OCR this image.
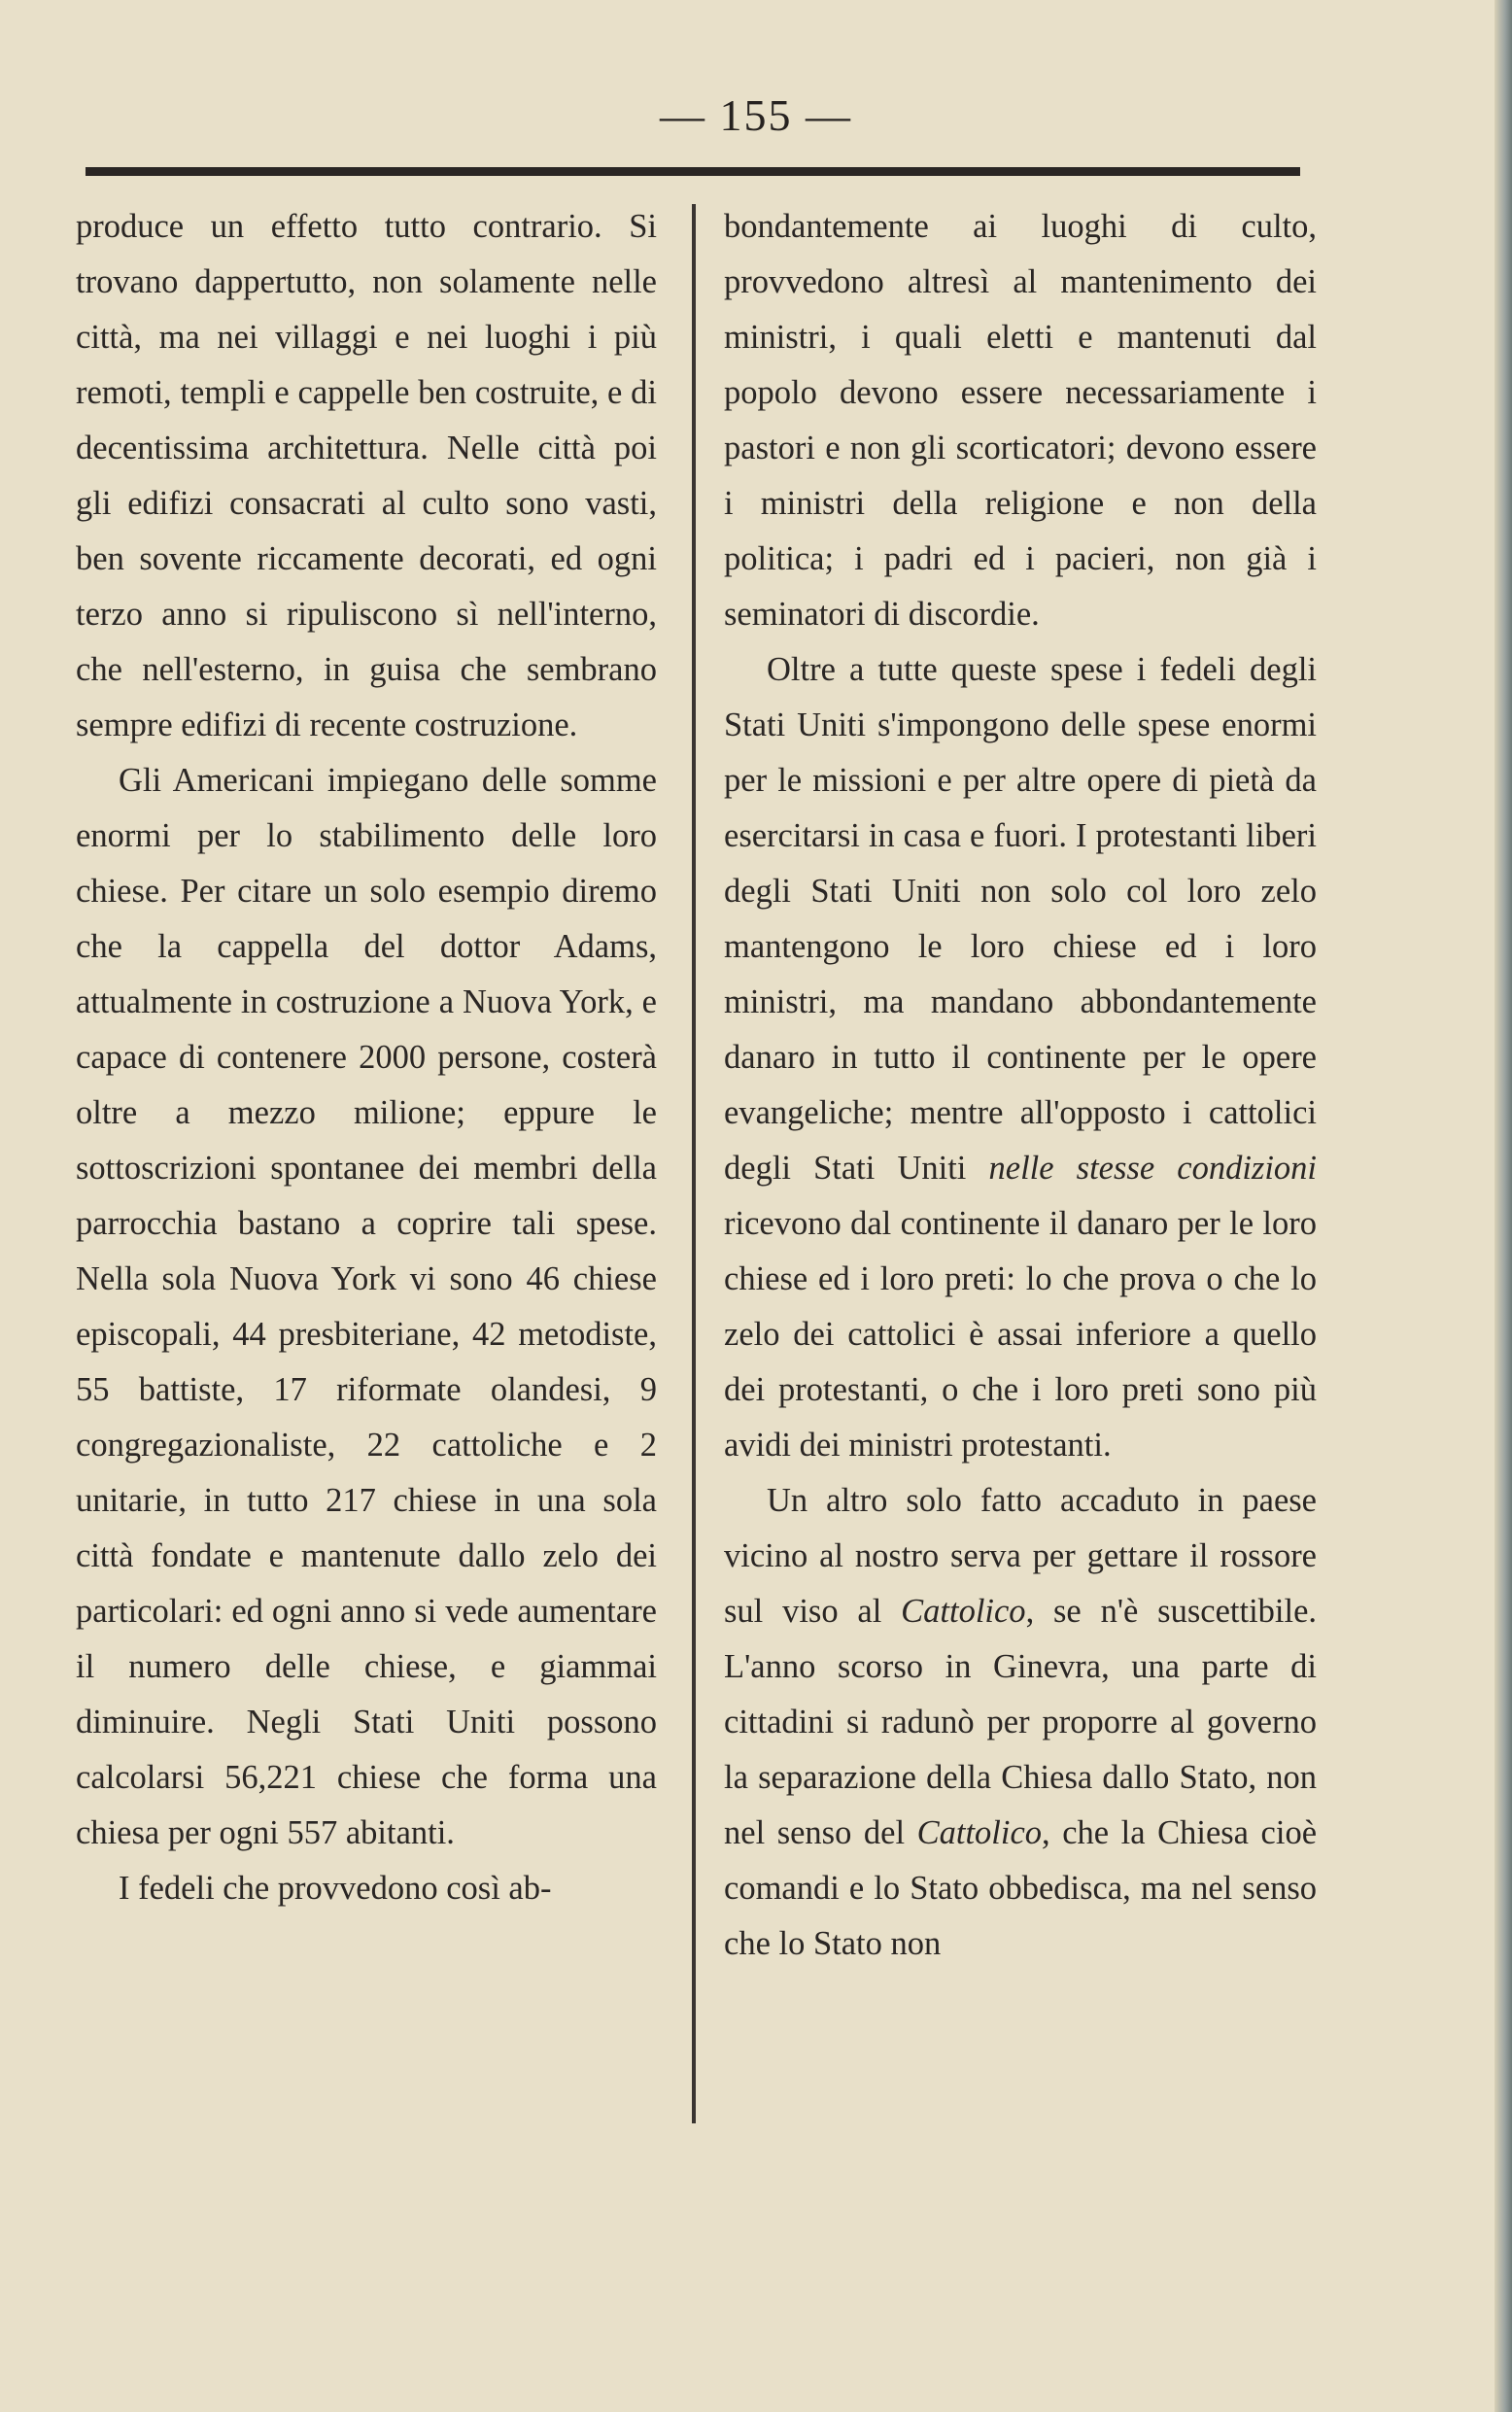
— 155 —

produce un effetto tutto contrario. Si trovano dappertutto, non solamente nelle città, ma nei villaggi e nei luoghi i più remoti, templi e cappelle ben costruite, e di decentissima architettura. Nelle città poi gli edifizi consacrati al culto sono vasti, ben sovente riccamente decorati, ed ogni terzo anno si ripuliscono sì nell'interno, che nell'esterno, in guisa che sembrano sempre edifizi di recente costruzione.

Gli Americani impiegano delle somme enormi per lo stabilimento delle loro chiese. Per citare un solo esempio diremo che la cappella del dottor Adams, attualmente in costruzione a Nuova York, e capace di contenere 2000 persone, costerà oltre a mezzo milione; eppure le sottoscrizioni spontanee dei membri della parrocchia bastano a coprire tali spese. Nella sola Nuova York vi sono 46 chiese episcopali, 44 presbiteriane, 42 metodiste, 55 battiste, 17 riformate olandesi, 9 congregazionaliste, 22 cattoliche e 2 unitarie, in tutto 217 chiese in una sola città fondate e mantenute dallo zelo dei particolari: ed ogni anno si vede aumentare il numero delle chiese, e giammai diminuire. Negli Stati Uniti possono calcolarsi 56,221 chiese che forma una chiesa per ogni 557 abitanti.

I fedeli che provvedono così ab-

bondantemente ai luoghi di culto, provvedono altresì al mantenimento dei ministri, i quali eletti e mantenuti dal popolo devono essere necessariamente i pastori e non gli scorticatori; devono essere i ministri della religione e non della politica; i padri ed i pacieri, non già i seminatori di discordie.

Oltre a tutte queste spese i fedeli degli Stati Uniti s'impongono delle spese enormi per le missioni e per altre opere di pietà da esercitarsi in casa e fuori. I protestanti liberi degli Stati Uniti non solo col loro zelo mantengono le loro chiese ed i loro ministri, ma mandano abbondantemente danaro in tutto il continente per le opere evangeliche; mentre all'opposto i cattolici degli Stati Uniti nelle stesse condizioni ricevono dal continente il danaro per le loro chiese ed i loro preti: lo che prova o che lo zelo dei cattolici è assai inferiore a quello dei protestanti, o che i loro preti sono più avidi dei ministri protestanti.

Un altro solo fatto accaduto in paese vicino al nostro serva per gettare il rossore sul viso al Cattolico, se n'è suscettibile. L'anno scorso in Ginevra, una parte di cittadini si radunò per proporre al governo la separazione della Chiesa dallo Stato, non nel senso del Cattolico, che la Chiesa cioè comandi e lo Stato obbedisca, ma nel senso che lo Stato non
